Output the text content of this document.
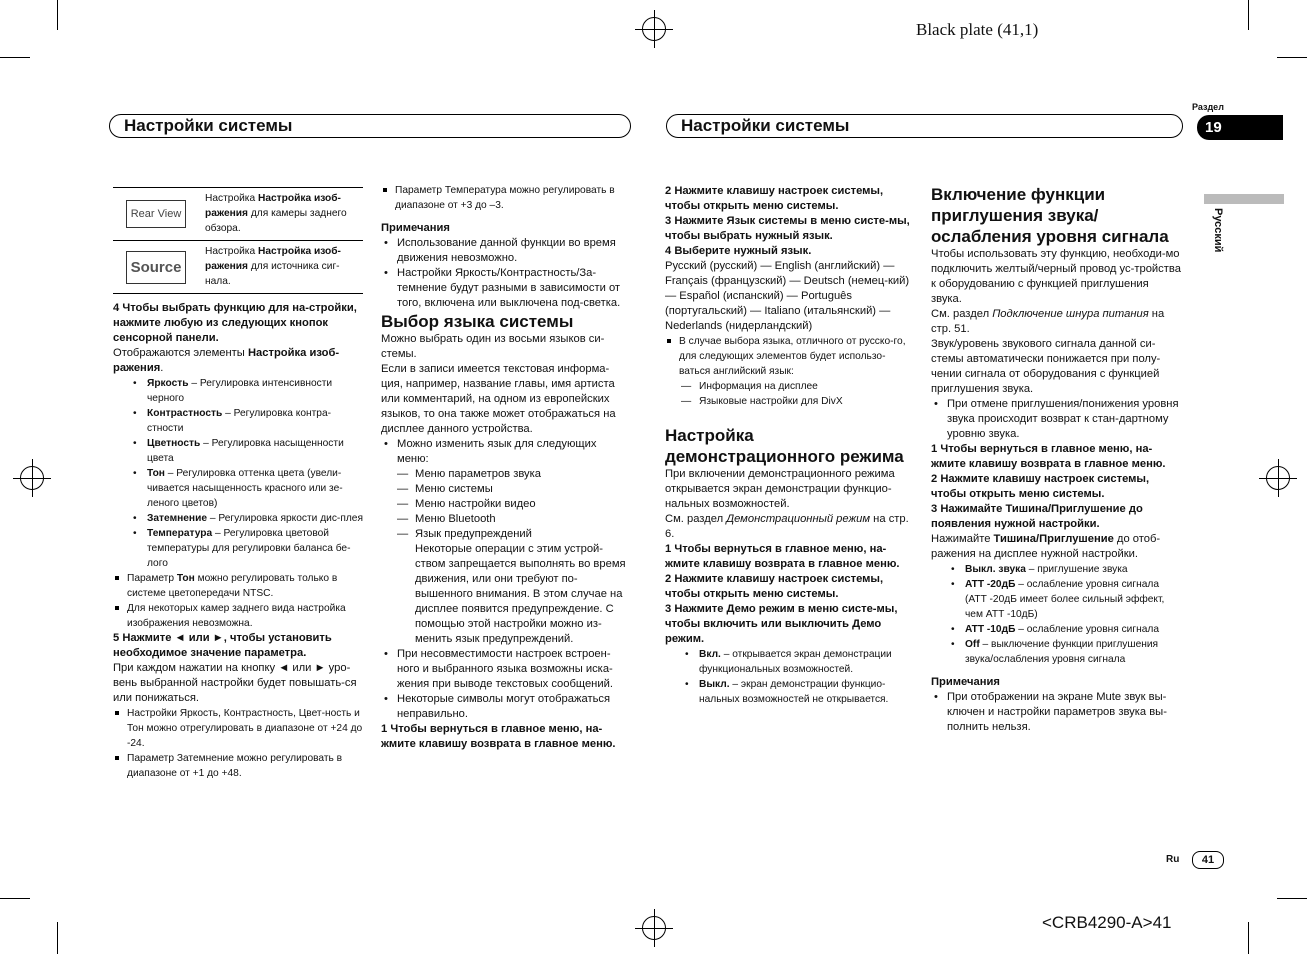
Black plate (41,1)
Раздел
19
Русский
Настройки системы	Настройки системы
Rear View
Настройка Настройка изоб-ражения для камеры заднего обзора.
Source
Настройка Настройка изоб-ражения для источника сиг-нала.

4 Чтобы выбрать функцию для на-стройки, нажмите любую из следующих кнопок сенсорной панели.

Отображаются элементы Настройка изоб-ражения.

• Яркость – Регулировка интенсивности черного

• Контрастность – Регулировка контра-стности

• Цветность – Регулировка насыщенности цвета

• Тон – Регулировка оттенка цвета (увели-чивается насыщенность красного или зе-леного цветов)

• Затемнение – Регулировка яркости дис-плея

• Температура – Регулировка цветовой температуры для регулировки баланса бе-лого

Параметр Тон можно регулировать только в системе цветопередачи NTSC.

Для некоторых камер заднего вида настройка изображения невозможна.

5 Нажмите ◄ или ►, чтобы установить необходимое значение параметра.

При каждом нажатии на кнопку ◄ или ► уро-вень выбранной настройки будет повышать-ся или понижаться.

Настройки Яркость, Контрастность, Цвет-ность и Тон можно отрегулировать в диапазоне от +24 до -24.

Параметр Затемнение можно регулировать в диапазоне от +1 до +48.

Параметр Температура можно регулировать в диапазоне от +3 до –3.

Примечания

• Использование данной функции во время движения невозможно.

• Настройки Яркость/Контрастность/За-темнение будут разными в зависимости от того, включена или выключена под-светка.

Выбор языка системы

Можно выбрать один из восьми языков си-стемы.
Если в записи имеется текстовая информа-ция, например, название главы, имя артиста или комментарий, на одном из европейских языков, то она также может отображаться на дисплее данного устройства.

• Можно изменить язык для следующих меню:

— Меню параметров звука

— Меню системы

— Меню настройки видео

— Меню Bluetooth

— Язык предупреждений

Некоторые операции с этим устрой-ством запрещается выполнять во время движения, или они требуют по-вышенного внимания. В этом случае на дисплее появится предупреждение. С помощью этой настройки можно из-менить язык предупреждений.

• При несовместимости настроек встроен-ного и выбранного языка возможны иска-жения при выводе текстовых сообщений.

• Некоторые символы могут отображаться неправильно.

1 Чтобы вернуться в главное меню, на-жмите клавишу возврата в главное меню.

2 Нажмите клавишу настроек системы, чтобы открыть меню системы.

3 Нажмите Язык системы в меню систе-мы, чтобы выбрать нужный язык.

4 Выберите нужный язык.

Русский (русский) — English (английский) — Français (французский) — Deutsch (немец-кий) — Español (испанский) — Português (португальский) — Italiano (итальянский) — Nederlands (нидерландский)

В случае выбора языка, отличного от русско-го, для следующих элементов будет использо-ваться английский язык:

— Информация на дисплее

— Языковые настройки для DivX

Настройка демонстрационного режима

При включении демонстрационного режима открывается экран демонстрации функцио-нальных возможностей.

См. раздел Демонстрационный режим на стр. 6.

1 Чтобы вернуться в главное меню, на-жмите клавишу возврата в главное меню.

2 Нажмите клавишу настроек системы, чтобы открыть меню системы.

3 Нажмите Демо режим в меню систе-мы, чтобы включить или выключить Демо режим.

• Вкл. – открывается экран демонстрации функциональных возможностей.

• Выкл. – экран демонстрации функцио-нальных возможностей не открывается.

Включение функции приглушения звука/ ослабления уровня сигнала

Чтобы использовать эту функцию, необходи-мо подключить желтый/черный провод ус-тройства к оборудованию с функцией приглушения звука.

См. раздел Подключение шнура питания на стр. 51.

Звук/уровень звукового сигнала данной си-стемы автоматически понижается при полу-чении сигнала от оборудования с функцией приглушения звука.

• При отмене приглушения/понижения уровня звука происходит возврат к стан-дартному уровню звука.

1 Чтобы вернуться в главное меню, на-жмите клавишу возврата в главное меню.

2 Нажмите клавишу настроек системы, чтобы открыть меню системы.

3 Нажимайте Тишина/Приглушение до появления нужной настройки.

Нажимайте Тишина/Приглушение до отоб-ражения на дисплее нужной настройки.

• Выкл. звука – приглушение звука

• ATT -20дБ – ослабление уровня сигнала (ATT -20дБ имеет более сильный эффект, чем ATT -10дБ)

• ATT -10дБ – ослабление уровня сигнала

• Off – выключение функции приглушения звука/ослабления уровня сигнала

Примечания

• При отображении на экране Mute звук вы-ключен и настройки параметров звука вы-полнить нельзя.

Ru	41
<CRB4290-A>41
